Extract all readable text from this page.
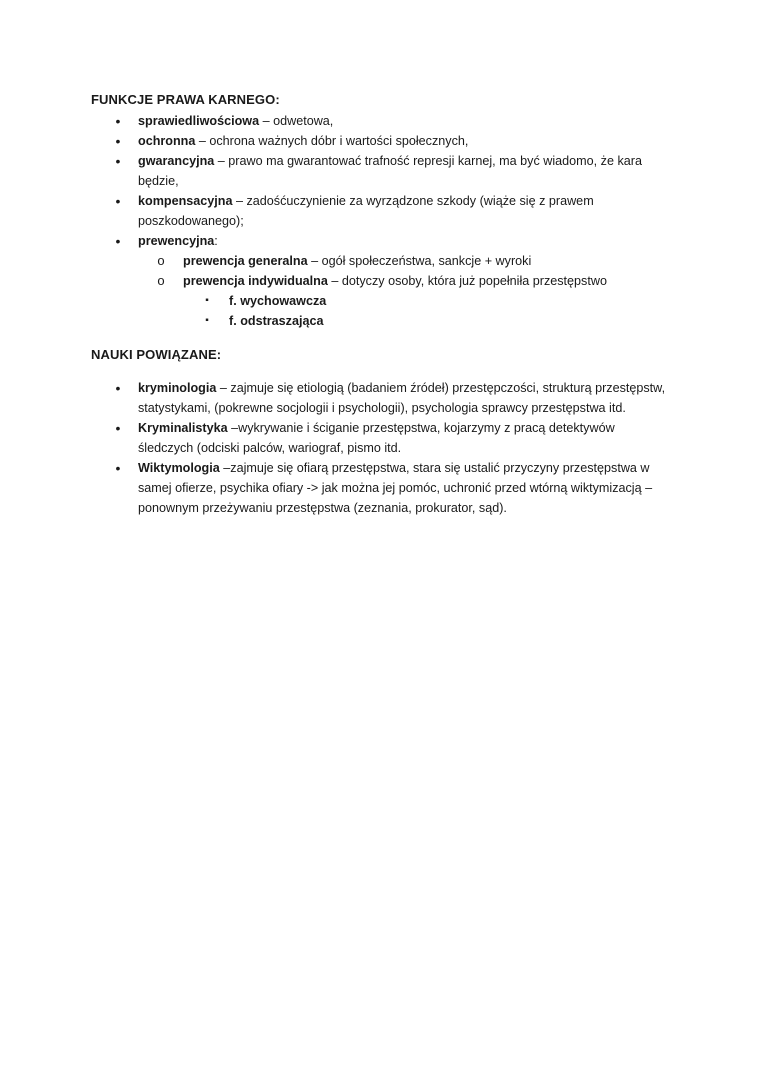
FUNKCJE PRAWA KARNEGO:
• sprawiedliwościowa – odwetowa,
• ochronna – ochrona ważnych dóbr i wartości społecznych,
• gwarancyjna – prawo ma gwarantować trafność represji karnej, ma być wiadomo, że kara będzie,
• kompensacyjna – zadośćuczynienie za wyrządzone szkody (wiąże się z prawem poszkodowanego);
• prewencyjna:
o prewencja generalna – ogół społeczeństwa, sankcje + wyroki
o prewencja indywidualna – dotyczy osoby, która już popełniła przestępstwo
▪	f. wychowawcza
▪	f. odstraszająca
NAUKI POWIĄZANE:
• kryminologia – zajmuje się etiologią (badaniem źródeł) przestępczości, strukturą przestępstw, statystykami, (pokrewne socjologii i psychologii), psychologia sprawcy przestępstwa itd.
• Kryminalistyka –wykrywanie i ściganie przestępstwa, kojarzymy z pracą detektywów śledczych (odciski palców, wariograf, pismo itd.
• Wiktymologia –zajmuje się ofiarą przestępstwa, stara się ustalić przyczyny przestępstwa w samej ofierze, psychika ofiary -> jak można jej pomóc, uchronić przed wtórną wiktymizacją – ponownym przeżywaniu przestępstwa (zeznania, prokurator, sąd).
